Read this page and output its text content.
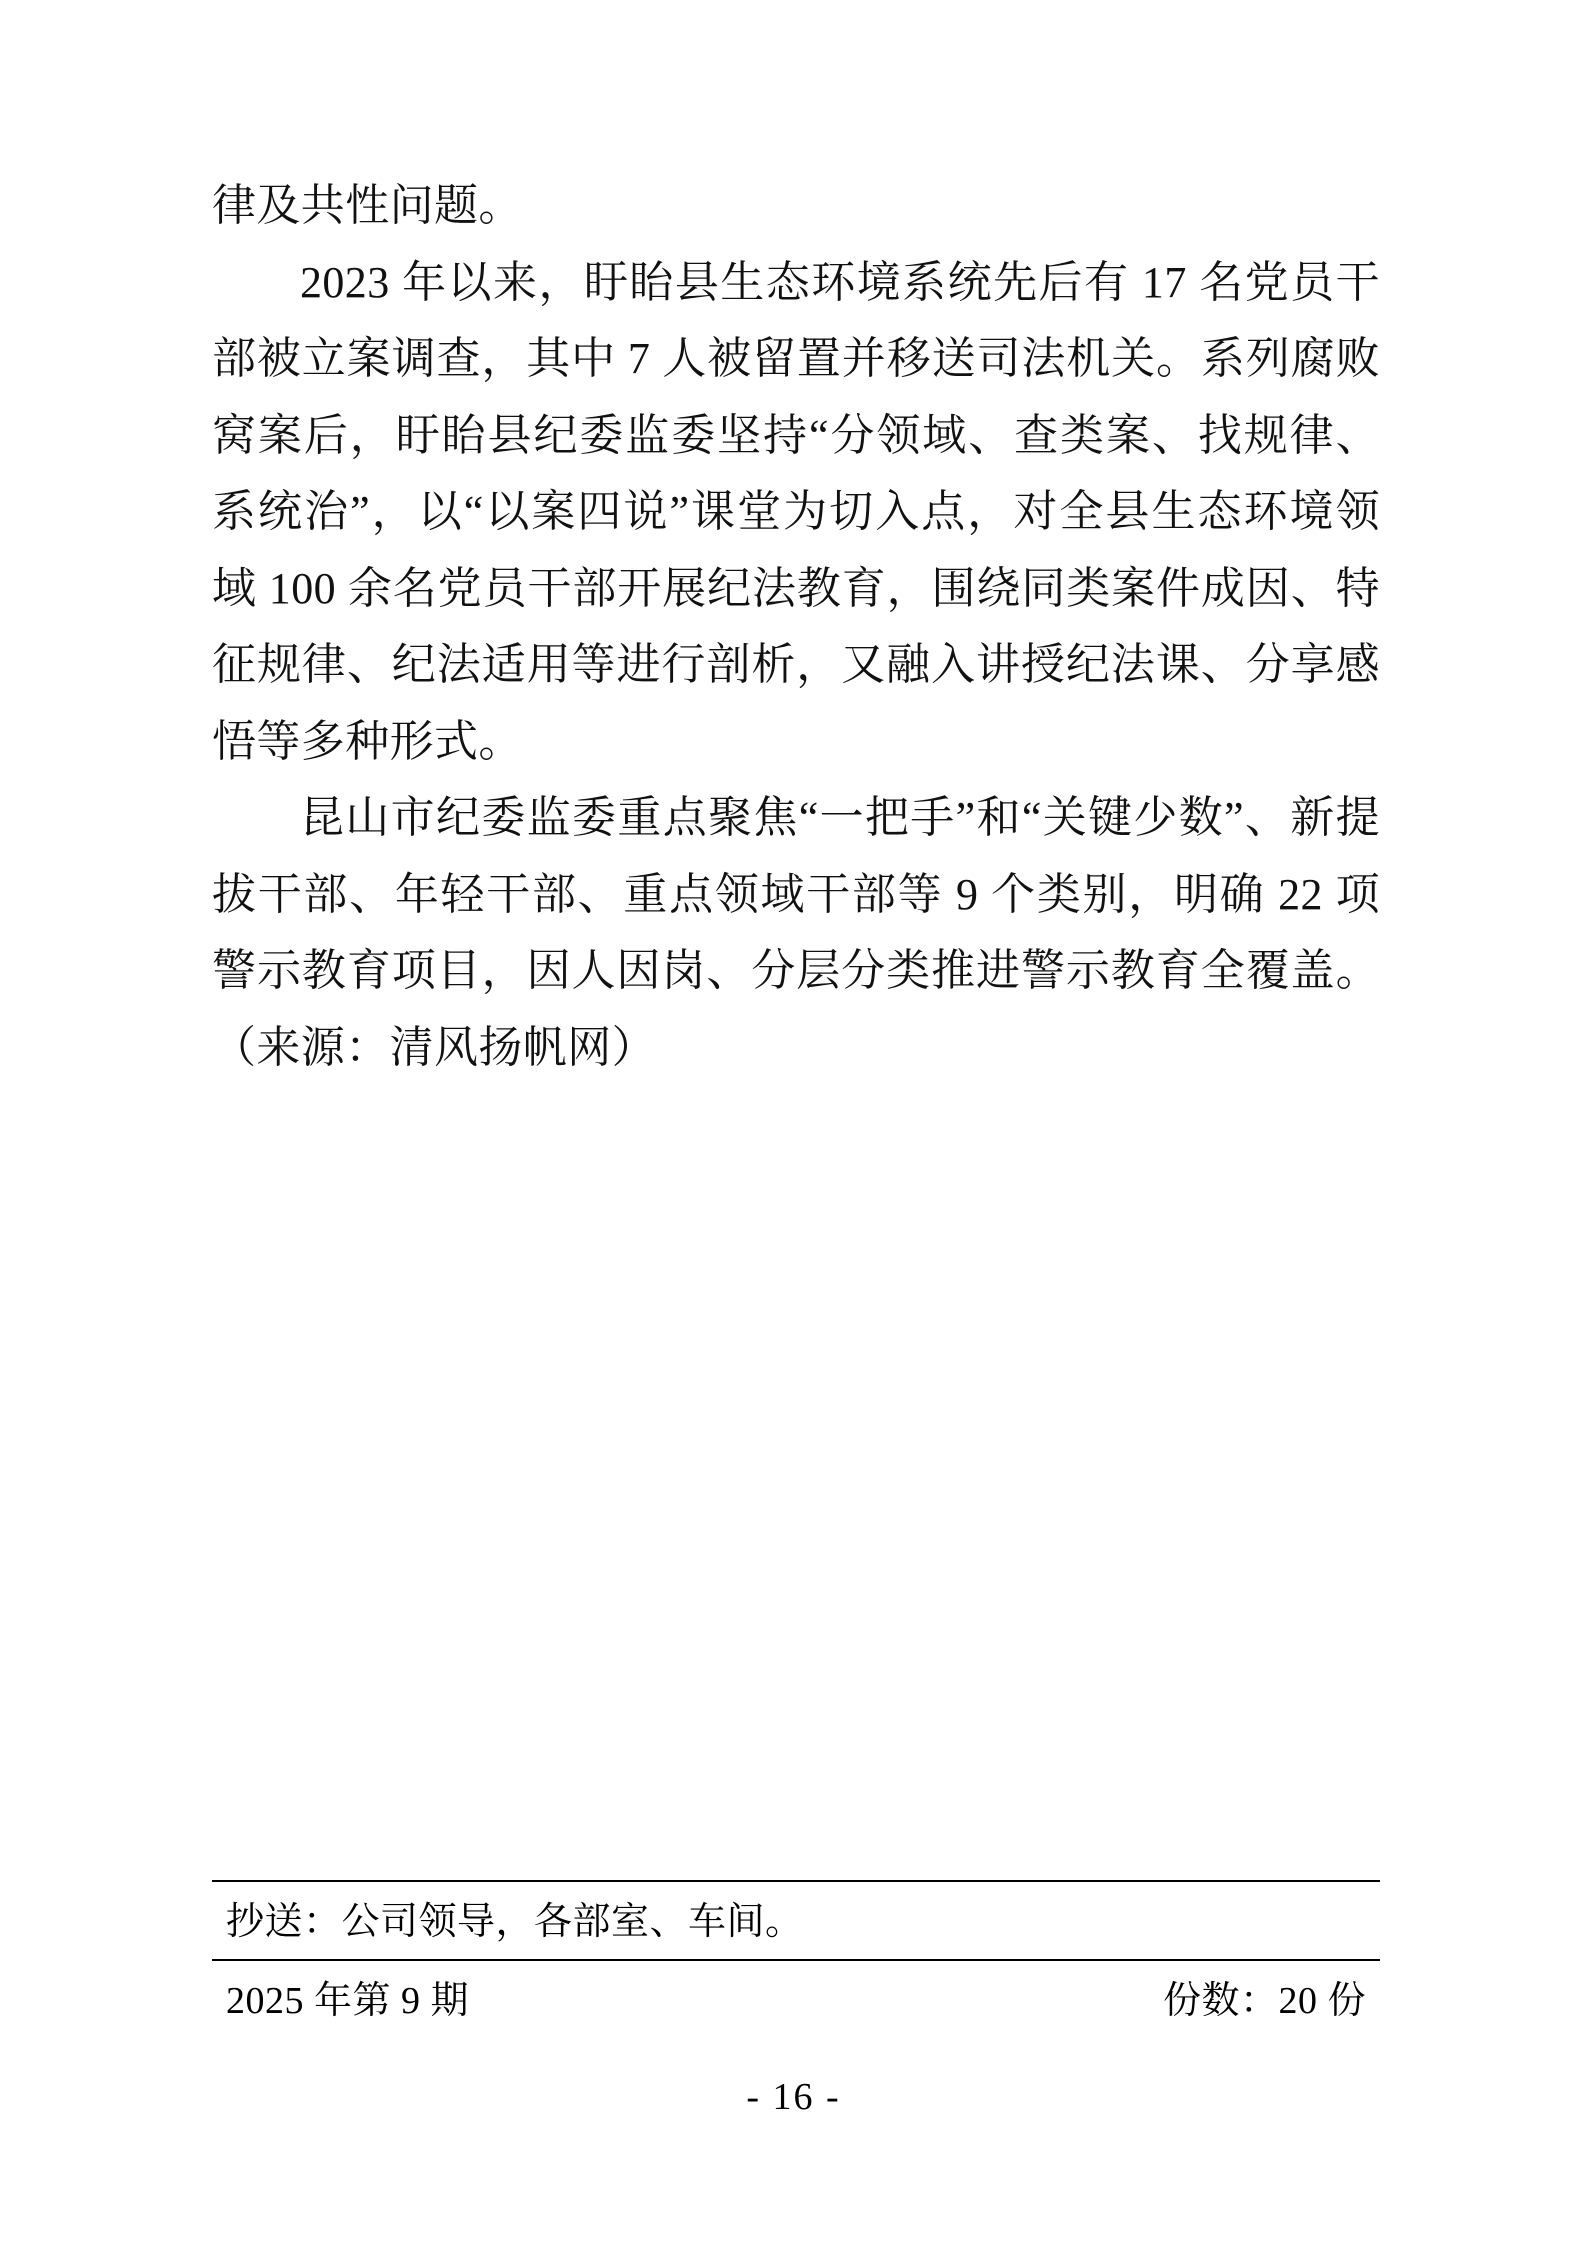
律及共性问题。

2023 年以来，盱眙县生态环境系统先后有 17 名党员干部被立案调查，其中 7 人被留置并移送司法机关。系列腐败窝案后，盱眙县纪委监委坚持“分领域、查类案、找规律、系统治”，以“以案四说”课堂为切入点，对全县生态环境领域 100 余名党员干部开展纪法教育，围绕同类案件成因、特征规律、纪法适用等进行剖析，又融入讲授纪法课、分享感悟等多种形式。

昆山市纪委监委重点聚焦“一把手”和“关键少数”、新提拔干部、年轻干部、重点领域干部等 9 个类别，明确 22 项警示教育项目，因人因岗、分层分类推进警示教育全覆盖。（来源：清风扬帆网）

抄送：公司领导，各部室、车间。
2025 年第 9 期	份数：20 份
- 16 -
